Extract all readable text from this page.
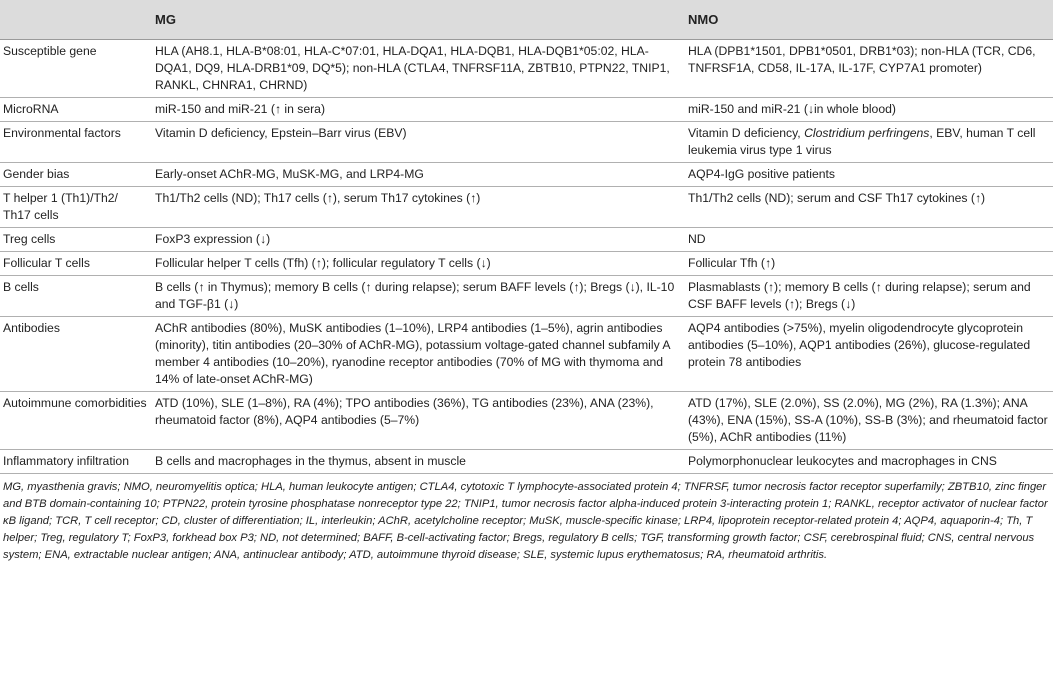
	MG	NMO
Susceptible gene	HLA (AH8.1, HLA-B*08:01, HLA-C*07:01, HLA-DQA1, HLA-DQB1, HLA-DQB1*05:02, HLA-DQA1, DQ9, HLA-DRB1*09, DQ*5); non-HLA (CTLA4, TNFRSF11A, ZBTB10, PTPN22, TNIP1, RANKL, CHNRA1, CHRND)	HLA (DPB1*1501, DPB1*0501, DRB1*03); non-HLA (TCR, CD6, TNFRSF1A, CD58, IL-17A, IL-17F, CYP7A1 promoter)
MicroRNA	miR-150 and miR-21 (↑ in sera)	miR-150 and miR-21 (↓in whole blood)
Environmental factors	Vitamin D deficiency, Epstein–Barr virus (EBV)	Vitamin D deficiency, Clostridium perfringens, EBV, human T cell leukemia virus type 1 virus
Gender bias	Early-onset AChR-MG, MuSK-MG, and LRP4-MG	AQP4-IgG positive patients
T helper 1 (Th1)/Th2/ Th17 cells	Th1/Th2 cells (ND); Th17 cells (↑), serum Th17 cytokines (↑)	Th1/Th2 cells (ND); serum and CSF Th17 cytokines (↑)
Treg cells	FoxP3 expression (↓)	ND
Follicular T cells	Follicular helper T cells (Tfh) (↑); follicular regulatory T cells (↓)	Follicular Tfh (↑)
B cells	B cells (↑ in Thymus); memory B cells (↑ during relapse); serum BAFF levels (↑); Bregs (↓), IL-10 and TGF-β1 (↓)	Plasmablasts (↑); memory B cells (↑ during relapse); serum and CSF BAFF levels (↑); Bregs (↓)
Antibodies	AChR antibodies (80%), MuSK antibodies (1–10%), LRP4 antibodies (1–5%), agrin antibodies (minority), titin antibodies (20–30% of AChR-MG), potassium voltage-gated channel subfamily A member 4 antibodies (10–20%), ryanodine receptor antibodies (70% of MG with thymoma and 14% of late-onset AChR-MG)	AQP4 antibodies (>75%), myelin oligodendrocyte glycoprotein antibodies (5–10%), AQP1 antibodies (26%), glucose-regulated protein 78 antibodies
Autoimmune comorbidities	ATD (10%), SLE (1–8%), RA (4%); TPO antibodies (36%), TG antibodies (23%), ANA (23%), rheumatoid factor (8%), AQP4 antibodies (5–7%)	ATD (17%), SLE (2.0%), SS (2.0%), MG (2%), RA (1.3%); ANA (43%), ENA (15%), SS-A (10%), SS-B (3%); and rheumatoid factor (5%), AChR antibodies (11%)
Inflammatory infiltration	B cells and macrophages in the thymus, absent in muscle	Polymorphonuclear leukocytes and macrophages in CNS
MG, myasthenia gravis; NMO, neuromyelitis optica; HLA, human leukocyte antigen; CTLA4, cytotoxic T lymphocyte-associated protein 4; TNFRSF, tumor necrosis factor receptor superfamily; ZBTB10, zinc finger and BTB domain-containing 10; PTPN22, protein tyrosine phosphatase nonreceptor type 22; TNIP1, tumor necrosis factor alpha-induced protein 3-interacting protein 1; RANKL, receptor activator of nuclear factor κB ligand; TCR, T cell receptor; CD, cluster of differentiation; IL, interleukin; AChR, acetylcholine receptor; MuSK, muscle-specific kinase; LRP4, lipoprotein receptor-related protein 4; AQP4, aquaporin-4; Th, T helper; Treg, regulatory T; FoxP3, forkhead box P3; ND, not determined; BAFF, B-cell-activating factor; Bregs, regulatory B cells; TGF, transforming growth factor; CSF, cerebrospinal fluid; CNS, central nervous system; ENA, extractable nuclear antigen; ANA, antinuclear antibody; ATD, autoimmune thyroid disease; SLE, systemic lupus erythematosus; RA, rheumatoid arthritis.
